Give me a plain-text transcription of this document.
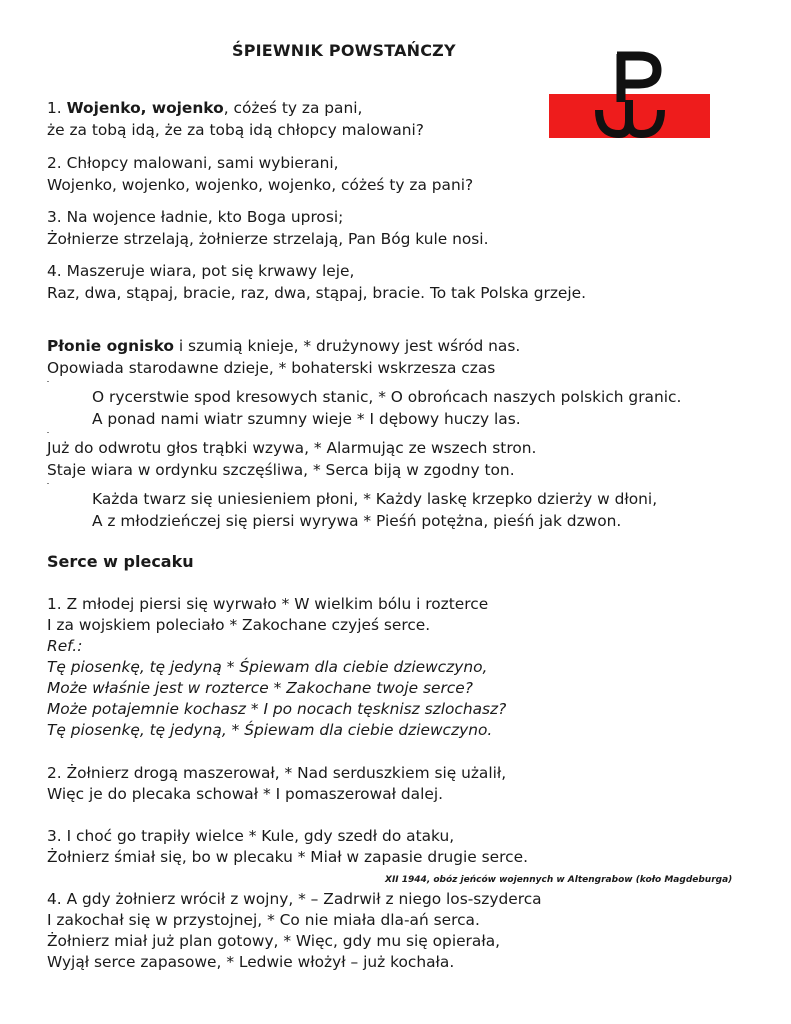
ŚPIEWNIK POWSTAŃCZY
1. Wojenko, wojenko, cóżeś ty za pani,
że za tobą idą, że za tobą idą chłopcy malowani?
2. Chłopcy malowani, sami wybierani,
Wojenko, wojenko, wojenko, wojenko, cóżeś ty za pani?
3. Na wojence ładnie, kto Boga uprosi;
Żołnierze strzelają, żołnierze strzelają, Pan Bóg kule nosi.
4. Maszeruje wiara, pot się krwawy leje,
Raz, dwa, stąpaj, bracie, raz, dwa, stąpaj, bracie. To tak Polska grzeje.
Płonie ognisko i szumią knieje, * drużynowy jest wśród nas.
Opowiada starodawne dzieje, * bohaterski wskrzesza czas
O rycerstwie spod kresowych stanic, * O obrońcach naszych polskich granic.
A ponad nami wiatr szumny wieje * I dębowy huczy las.
Już do odwrotu głos trąbki wzywa, * Alarmując ze wszech stron.
Staje wiara w ordynku szczęśliwa, * Serca biją w zgodny ton.
Każda twarz się uniesieniem płoni, * Każdy laskę krzepko dzierży w dłoni,
A z młodzieńczej się piersi wyrywa * Pieśń potężna, pieśń jak dzwon.
Serce w plecaku
1. Z młodej piersi się wyrwało * W wielkim bólu i rozterce
I za wojskiem poleciało * Zakochane czyjeś serce.
Ref.:
Tę piosenkę, tę jedyną * Śpiewam dla ciebie dziewczyno,
Może właśnie jest w rozterce * Zakochane twoje serce?
Może potajemnie kochasz * I po nocach tęsknisz szlochasz?
Tę piosenkę, tę jedyną, * Śpiewam dla ciebie dziewczyno.
2. Żołnierz drogą maszerował, * Nad serduszkiem się użalił,
Więc je do plecaka schował * I pomaszerował dalej.
3. I choć go trapiły wielce * Kule, gdy szedł do ataku,
Żołnierz śmiał się, bo w plecaku * Miał w zapasie drugie serce.
XII 1944, obóz jeńców wojennych w Altengrabow (koło Magdeburga)
4. A gdy żołnierz wrócił z wojny, * – Zadrwił z niego los-szyderca
I zakochał się w przystojnej, * Co nie miała dla-ań serca.
Żołnierz miał już plan gotowy, * Więc, gdy mu się opierała,
Wyjął serce zapasowe, * Ledwie włożył – już kochała.
